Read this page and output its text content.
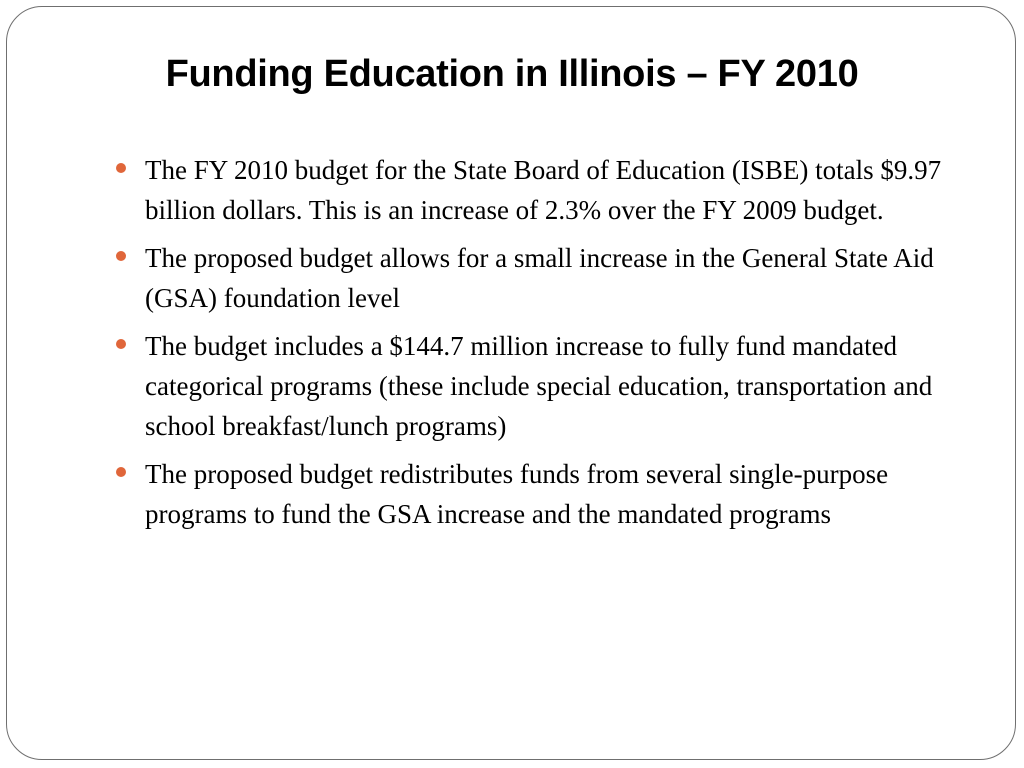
Funding Education in Illinois – FY 2010
The FY 2010 budget for the State Board of Education (ISBE) totals $9.97 billion dollars. This is an increase of 2.3% over the FY 2009 budget.
The proposed budget allows for a small increase in the General State Aid (GSA) foundation level
The budget includes a $144.7 million increase to fully fund mandated categorical programs (these include special education, transportation and school breakfast/lunch programs)
The proposed budget redistributes funds from several single-purpose programs to fund the GSA increase and the mandated programs
